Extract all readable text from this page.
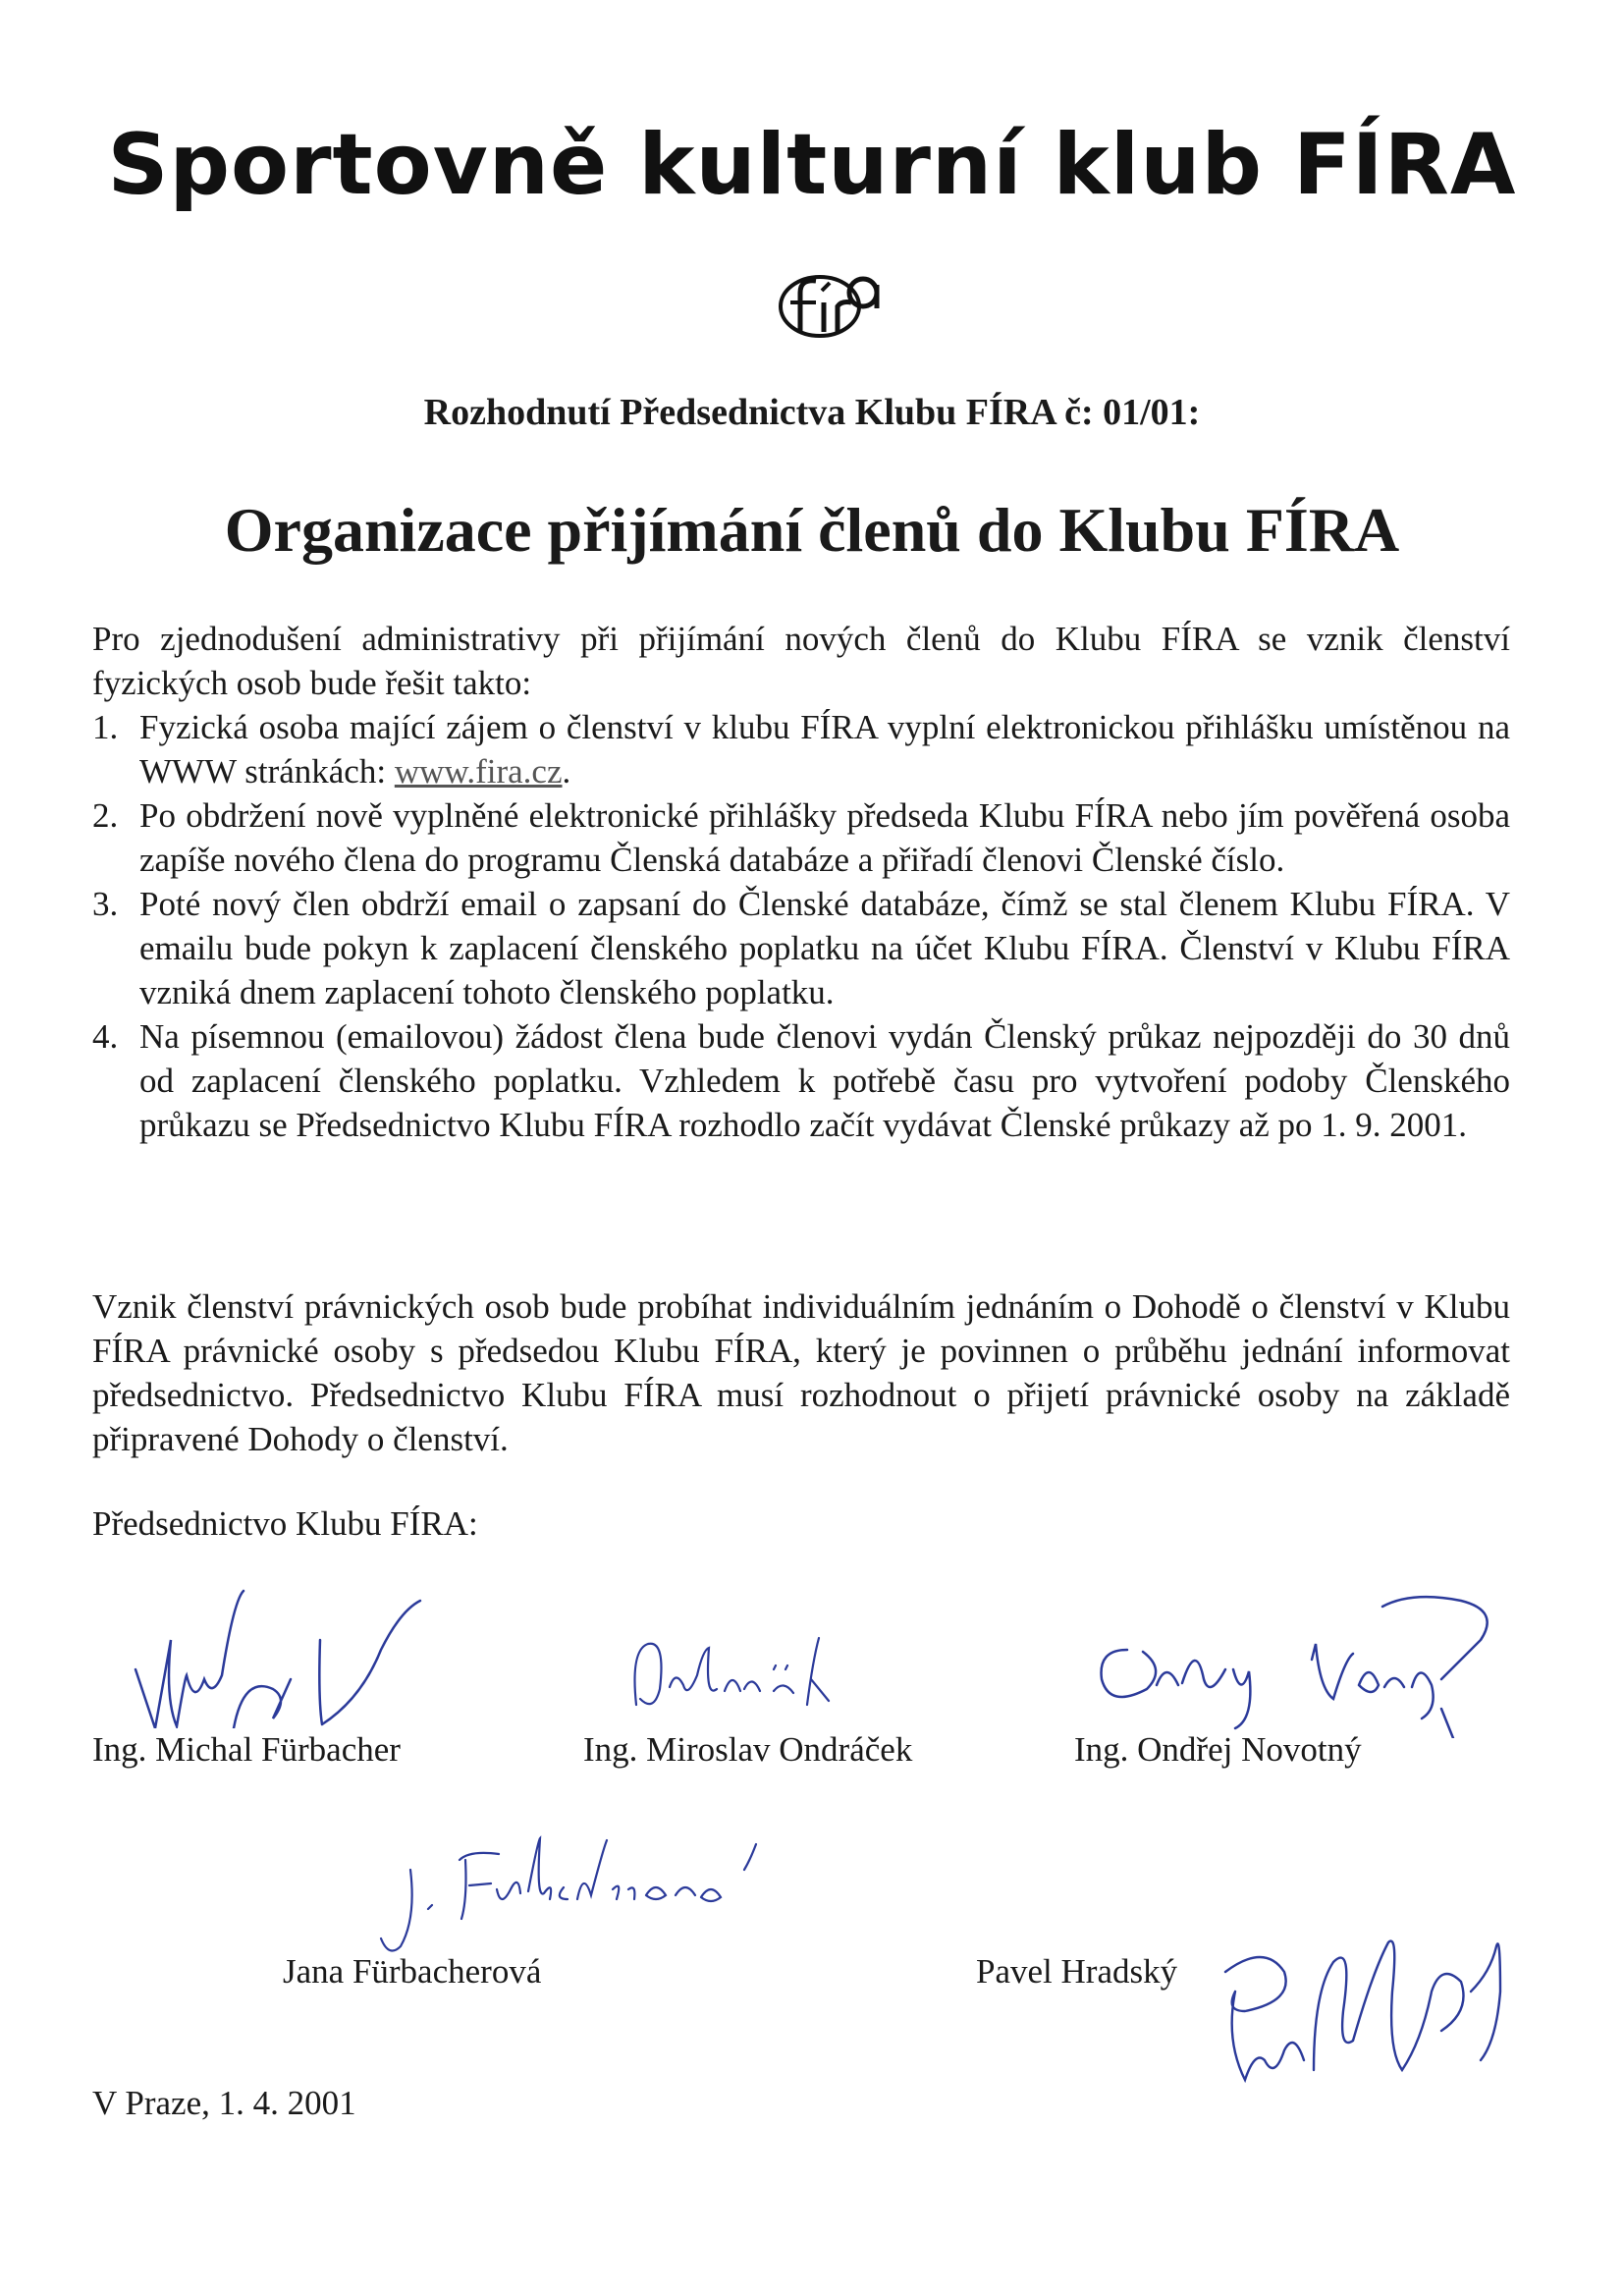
Sportovně kulturní klub FÍRA
Rozhodnutí Předsednictva Klubu FÍRA č: 01/01:
Organizace přijímání členů do Klubu FÍRA
Pro zjednodušení administrativy při přijímání nových členů do Klubu FÍRA se vznik členství fyzických osob bude řešit takto:
1. Fyzická osoba mající zájem o členství v klubu FÍRA vyplní elektronickou přihlášku umístěnou na WWW stránkách: www.fira.cz.
2. Po obdržení nově vyplněné elektronické přihlášky předseda Klubu FÍRA nebo jím pověřená osoba zapíše nového člena do programu Členská databáze a přiřadí členovi Členské číslo.
3. Poté nový člen obdrží email o zapsaní do Členské databáze, čímž se stal členem Klubu FÍRA. V emailu bude pokyn k zaplacení členského poplatku na účet Klubu FÍRA. Členství v Klubu FÍRA vzniká dnem zaplacení tohoto členského poplatku.
4. Na písemnou (emailovou) žádost člena bude členovi vydán Členský průkaz nejpozději do 30 dnů od zaplacení členského poplatku. Vzhledem k potřebě času pro vytvoření podoby Členského průkazu se Předsednictvo Klubu FÍRA rozhodlo začít vydávat Členské průkazy až po 1. 9. 2001.
Vznik členství právnických osob bude probíhat individuálním jednáním o Dohodě o členství v Klubu FÍRA právnické osoby s předsedou Klubu FÍRA, který je povinnen o průběhu jednání informovat předsednictvo. Předsednictvo Klubu FÍRA musí rozhodnout o přijetí právnické osoby na základě připravené Dohody o členství.
Předsednictvo Klubu FÍRA:
Ing. Michal Fürbacher	Ing. Miroslav Ondráček	Ing. Ondřej Novotný
Jana Fürbacherová	Pavel Hradský
V Praze, 1. 4. 2001
